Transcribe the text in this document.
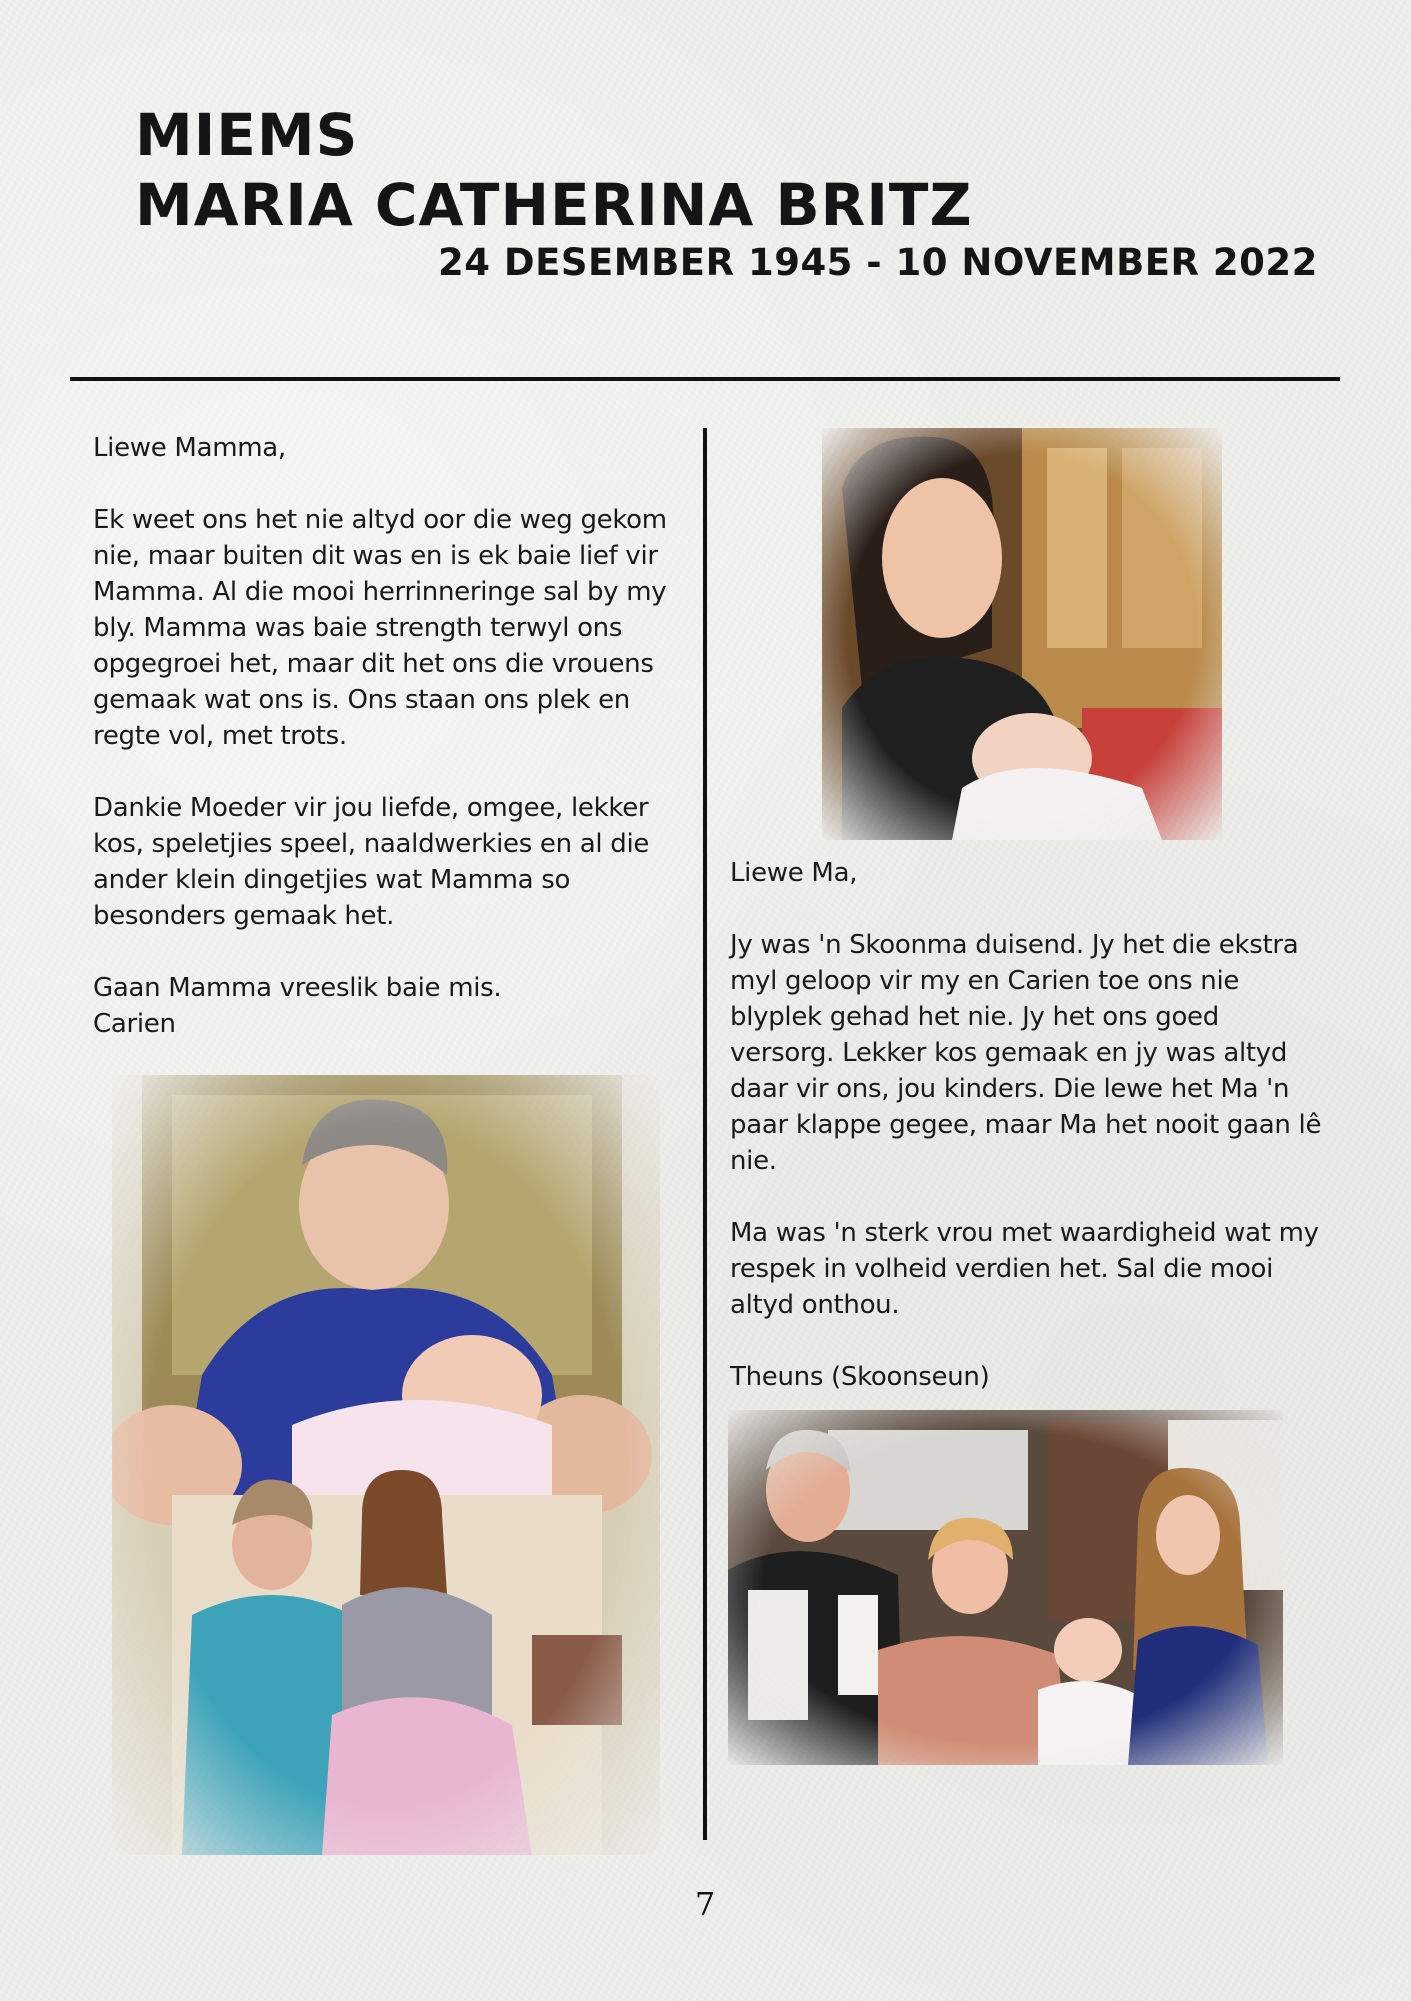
MIEMS
MARIA CATHERINA BRITZ
24 DESEMBER 1945 - 10 NOVEMBER 2022

Liewe Mamma,

Ek weet ons het nie altyd oor die weg gekom nie, maar buiten dit was en is ek baie lief vir Mamma. Al die mooi herrinneringe sal by my bly. Mamma was baie strength terwyl ons opgegroei het, maar dit het ons die vrouens gemaak wat ons is. Ons staan ons plek en regte vol, met trots.

Dankie Moeder vir jou liefde, omgee, lekker kos, speletjies speel, naaldwerkies en al die ander klein dingetjies wat Mamma so besonders gemaak het.

Gaan Mamma vreeslik baie mis.

Carien

Liewe Ma,

Jy was 'n Skoonma duisend. Jy het die ekstra myl geloop vir my en Carien toe ons nie blyplek gehad het nie. Jy het ons goed versorg. Lekker kos gemaak en jy was altyd daar vir ons, jou kinders. Die lewe het Ma 'n paar klappe gegee, maar Ma het nooit gaan lê nie.

Ma was 'n sterk vrou met waardigheid wat my respek in volheid verdien het. Sal die mooi altyd onthou.

Theuns (Skoonseun)

7
